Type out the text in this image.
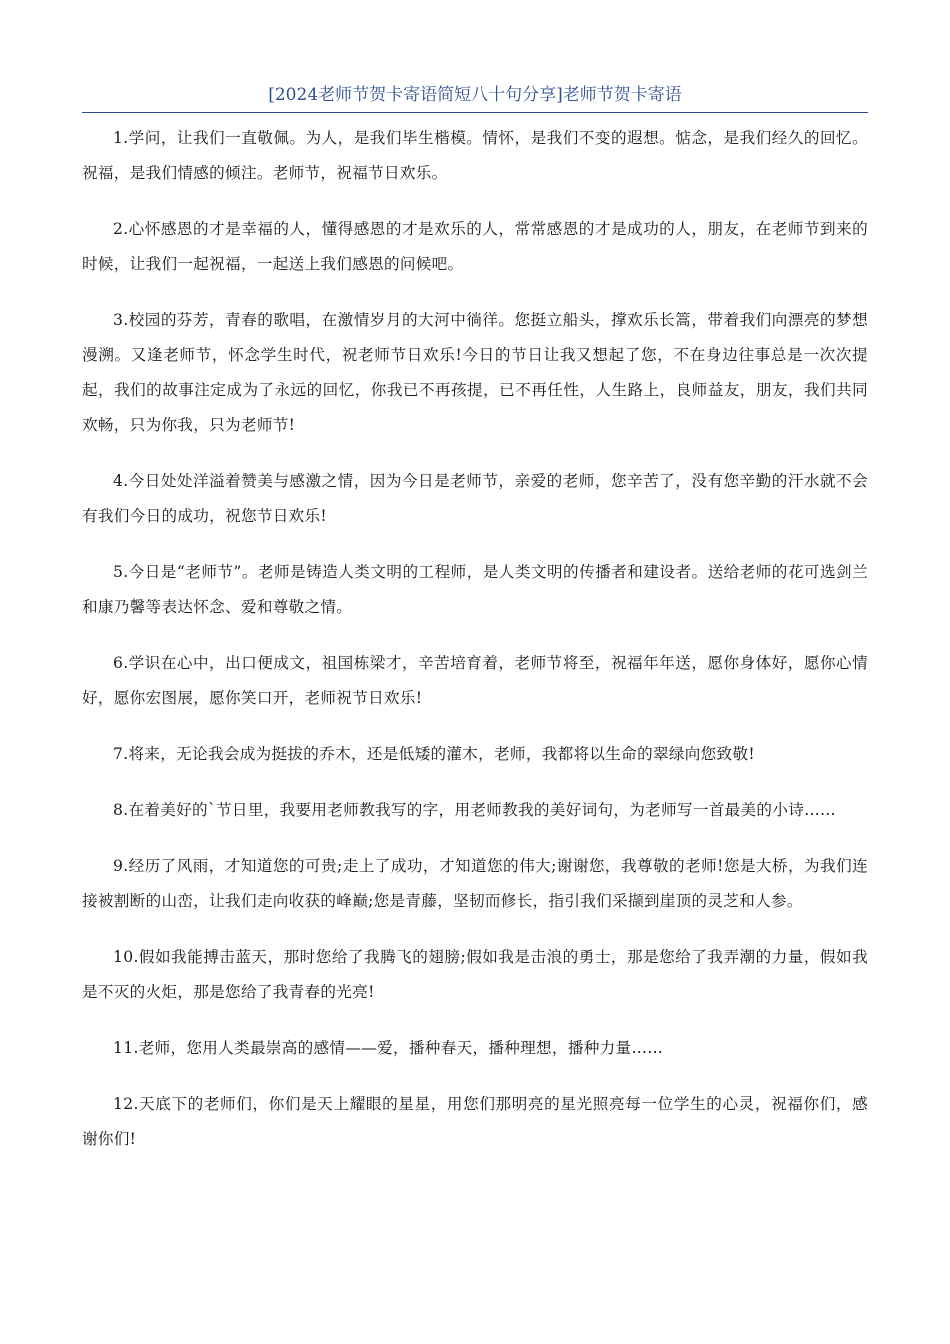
[2024老师节贺卡寄语简短八十句分享]老师节贺卡寄语

1.学问，让我们一直敬佩。为人，是我们毕生楷模。情怀，是我们不变的遐想。惦念，是我们经久的回忆。祝福，是我们情感的倾注。老师节，祝福节日欢乐。

2.心怀感恩的才是幸福的人，懂得感恩的才是欢乐的人，常常感恩的才是成功的人，朋友，在老师节到来的时候，让我们一起祝福，一起送上我们感恩的问候吧。

3.校园的芬芳，青春的歌唱，在激情岁月的大河中徜徉。您挺立船头，撑欢乐长篙，带着我们向漂亮的梦想漫溯。又逢老师节，怀念学生时代，祝老师节日欢乐!今日的节日让我又想起了您，不在身边往事总是一次次提起，我们的故事注定成为了永远的回忆，你我已不再孩提，已不再任性，人生路上，良师益友，朋友，我们共同欢畅，只为你我，只为老师节!

4.今日处处洋溢着赞美与感激之情，因为今日是老师节，亲爱的老师，您辛苦了，没有您辛勤的汗水就不会有我们今日的成功，祝您节日欢乐!

5.今日是“老师节”。老师是铸造人类文明的工程师，是人类文明的传播者和建设者。送给老师的花可选剑兰和康乃馨等表达怀念、爱和尊敬之情。

6.学识在心中，出口便成文，祖国栋梁才，辛苦培育着，老师节将至，祝福年年送，愿你身体好，愿你心情好，愿你宏图展，愿你笑口开，老师祝节日欢乐!

7.将来，无论我会成为挺拔的乔木，还是低矮的灌木，老师，我都将以生命的翠绿向您致敬!

8.在着美好的`节日里，我要用老师教我写的字，用老师教我的美好词句，为老师写一首最美的小诗……

9.经历了风雨，才知道您的可贵;走上了成功，才知道您的伟大;谢谢您，我尊敬的老师!您是大桥，为我们连接被割断的山峦，让我们走向收获的峰巅;您是青藤，坚韧而修长，指引我们采撷到崖顶的灵芝和人参。

10.假如我能搏击蓝天，那时您给了我腾飞的翅膀;假如我是击浪的勇士，那是您给了我弄潮的力量，假如我是不灭的火炬，那是您给了我青春的光亮!

11.老师，您用人类最崇高的感情——爱，播种春天，播种理想，播种力量……

12.天底下的老师们，你们是天上耀眼的星星，用您们那明亮的星光照亮每一位学生的心灵，祝福你们，感谢你们!
